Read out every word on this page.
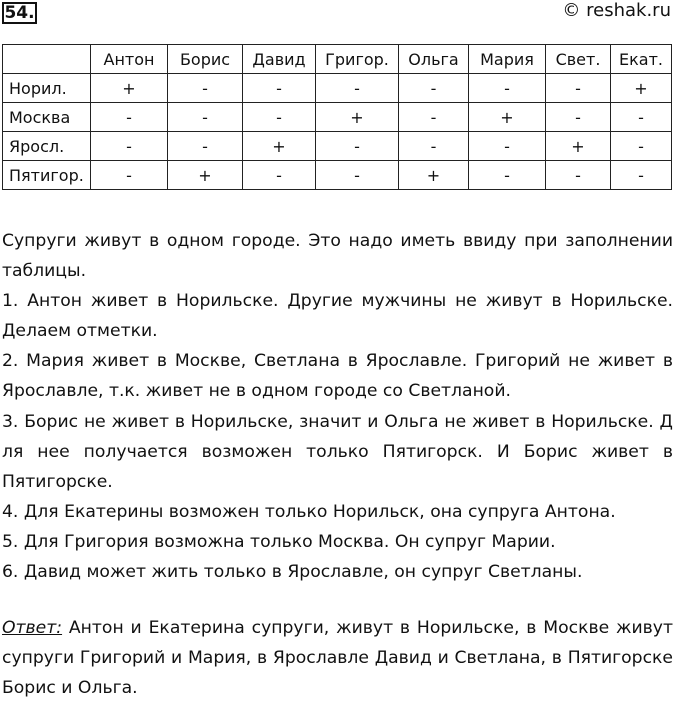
54.	© reshak.ru
	Антон	Борис	Давид	Григор.	Ольга	Мария	Свет.	Екат.
Норил.	+	-	-	-	-	-	-	+
Москва	-	-	-	+	-	+	-	-
Яросл.	-	-	+	-	-	-	+	-
Пятигор.	-	+	-	-	+	-	-	-

Супруги живут в одном городе. Это надо иметь ввиду при заполнении таблицы.

1. Антон живет в Норильске. Другие мужчины не живут в Норильске. Делаем отметки.

2. Мария живет в Москве, Светлана в Ярославле. Григорий не живет в Ярославле, т.к. живет не в одном городе со Светланой.

3. Борис не живет в Норильске, значит и Ольга не живет в Норильске. Д ля нее получается возможен только Пятигорск. И Борис живет в Пятигорске.

4. Для Екатерины возможен только Норильск, она супруга Антона.

5. Для Григория возможна только Москва. Он супруг Марии.

6. Давид может жить только в Ярославле, он супруг Светланы.

Ответ: Антон и Екатерина супруги, живут в Норильске, в Москве живут супруги Григорий и Мария, в Ярославле Давид и Светлана, в Пятигорске Борис и Ольга.
